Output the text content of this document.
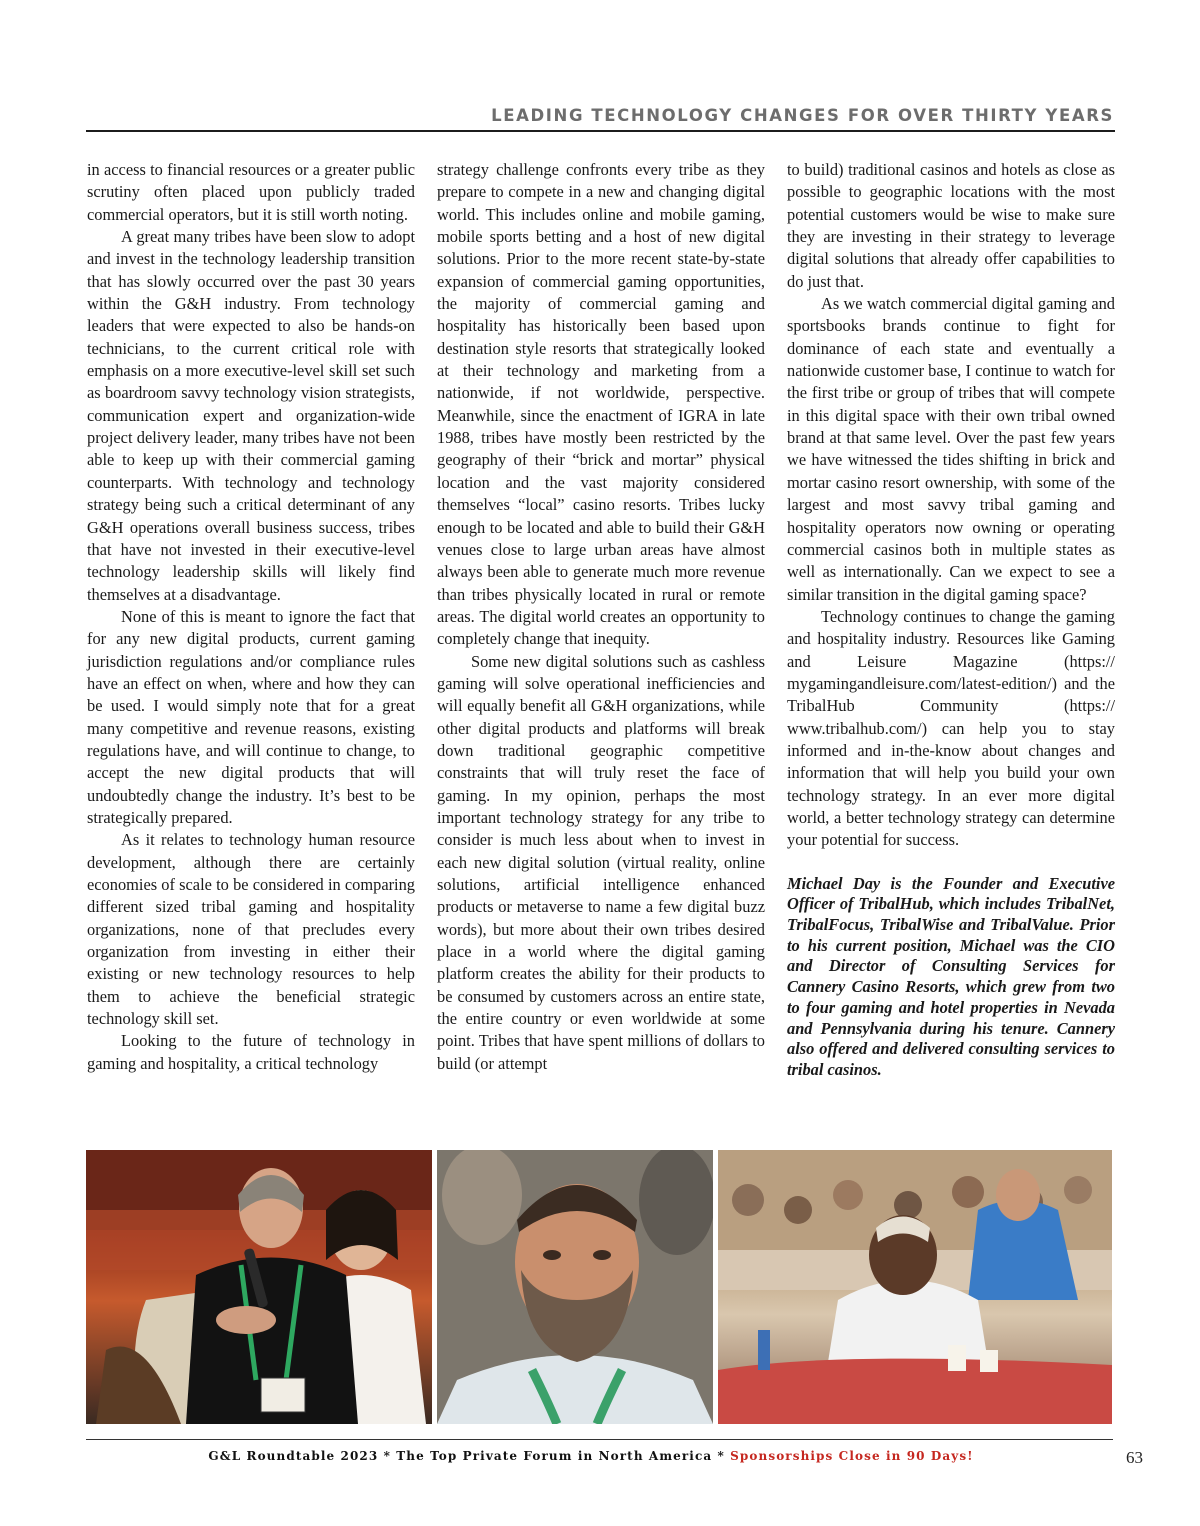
LEADING TECHNOLOGY CHANGES FOR OVER THIRTY YEARS

in access to financial resources or a greater public scrutiny often placed upon publicly traded commercial operators, but it is still worth noting.

A great many tribes have been slow to adopt and invest in the technology leadership transition that has slowly occurred over the past 30 years within the G&H industry. From technology leaders that were expected to also be hands-on technicians, to the current critical role with emphasis on a more executive-level skill set such as boardroom savvy technology vision strategists, communication expert and organization-wide project delivery leader, many tribes have not been able to keep up with their commercial gaming counterparts. With technology and technology strategy being such a critical determinant of any G&H operations overall business success, tribes that have not invested in their executive-level technology leadership skills will likely find themselves at a disadvantage.

None of this is meant to ignore the fact that for any new digital products, current gaming jurisdiction regulations and/or compliance rules have an effect on when, where and how they can be used. I would simply note that for a great many competitive and revenue reasons, existing regulations have, and will continue to change, to accept the new digital products that will undoubtedly change the industry. It’s best to be strategically prepared.

As it relates to technology human resource development, although there are certainly economies of scale to be considered in comparing different sized tribal gaming and hospitality organizations, none of that precludes every organization from investing in either their existing or new technology resources to help them to achieve the beneficial strategic technology skill set.

Looking to the future of technology in gaming and hospitality, a critical technology

strategy challenge confronts every tribe as they prepare to compete in a new and changing digital world. This includes online and mobile gaming, mobile sports betting and a host of new digital solutions. Prior to the more recent state-by-state expansion of commercial gaming opportunities, the majority of commercial gaming and hospitality has historically been based upon destination style resorts that strategically looked at their technology and marketing from a nationwide, if not worldwide, perspective. Meanwhile, since the enactment of IGRA in late 1988, tribes have mostly been restricted by the geography of their “brick and mortar” physical location and the vast majority considered themselves “local” casino resorts. Tribes lucky enough to be located and able to build their G&H venues close to large urban areas have almost always been able to generate much more revenue than tribes physically located in rural or remote areas. The digital world creates an opportunity to completely change that inequity.

Some new digital solutions such as cashless gaming will solve operational inefficiencies and will equally benefit all G&H organizations, while other digital products and platforms will break down traditional geographic competitive constraints that will truly reset the face of gaming. In my opinion, perhaps the most important technology strategy for any tribe to consider is much less about when to invest in each new digital solution (virtual reality, online solutions, artificial intelligence enhanced products or metaverse to name a few digital buzz words), but more about their own tribes desired place in a world where the digital gaming platform creates the ability for their products to be consumed by customers across an entire state, the entire country or even worldwide at some point. Tribes that have spent millions of dollars to build (or attempt

to build) traditional casinos and hotels as close as possible to geographic locations with the most potential customers would be wise to make sure they are investing in their strategy to leverage digital solutions that already offer capabilities to do just that.

As we watch commercial digital gaming and sportsbooks brands continue to fight for dominance of each state and eventually a nationwide customer base, I continue to watch for the first tribe or group of tribes that will compete in this digital space with their own tribal owned brand at that same level. Over the past few years we have witnessed the tides shifting in brick and mortar casino resort ownership, with some of the largest and most savvy tribal gaming and hospitality operators now owning or operating commercial casinos both in multiple states as well as internationally. Can we expect to see a similar transition in the digital gaming space?

Technology continues to change the gaming and hospitality industry. Resources like Gaming and Leisure Magazine (https:// mygamingandleisure.com/latest-edition/) and the TribalHub Community (https:// www.tribalhub.com/) can help you to stay informed and in-the-know about changes and information that will help you build your own technology strategy. In an ever more digital world, a better technology strategy can determine your potential for success.

Michael Day is the Founder and Executive Officer of TribalHub, which includes TribalNet, TribalFocus, TribalWise and TribalValue. Prior to his current position, Michael was the CIO and Director of Consulting Services for Cannery Casino Resorts, which grew from two to four gaming and hotel properties in Nevada and Pennsylvania during his tenure. Cannery also offered and delivered consulting services to tribal casinos.

G&L Roundtable 2023 * The Top Private Forum in North America * Sponsorships Close in 90 Days!	63
